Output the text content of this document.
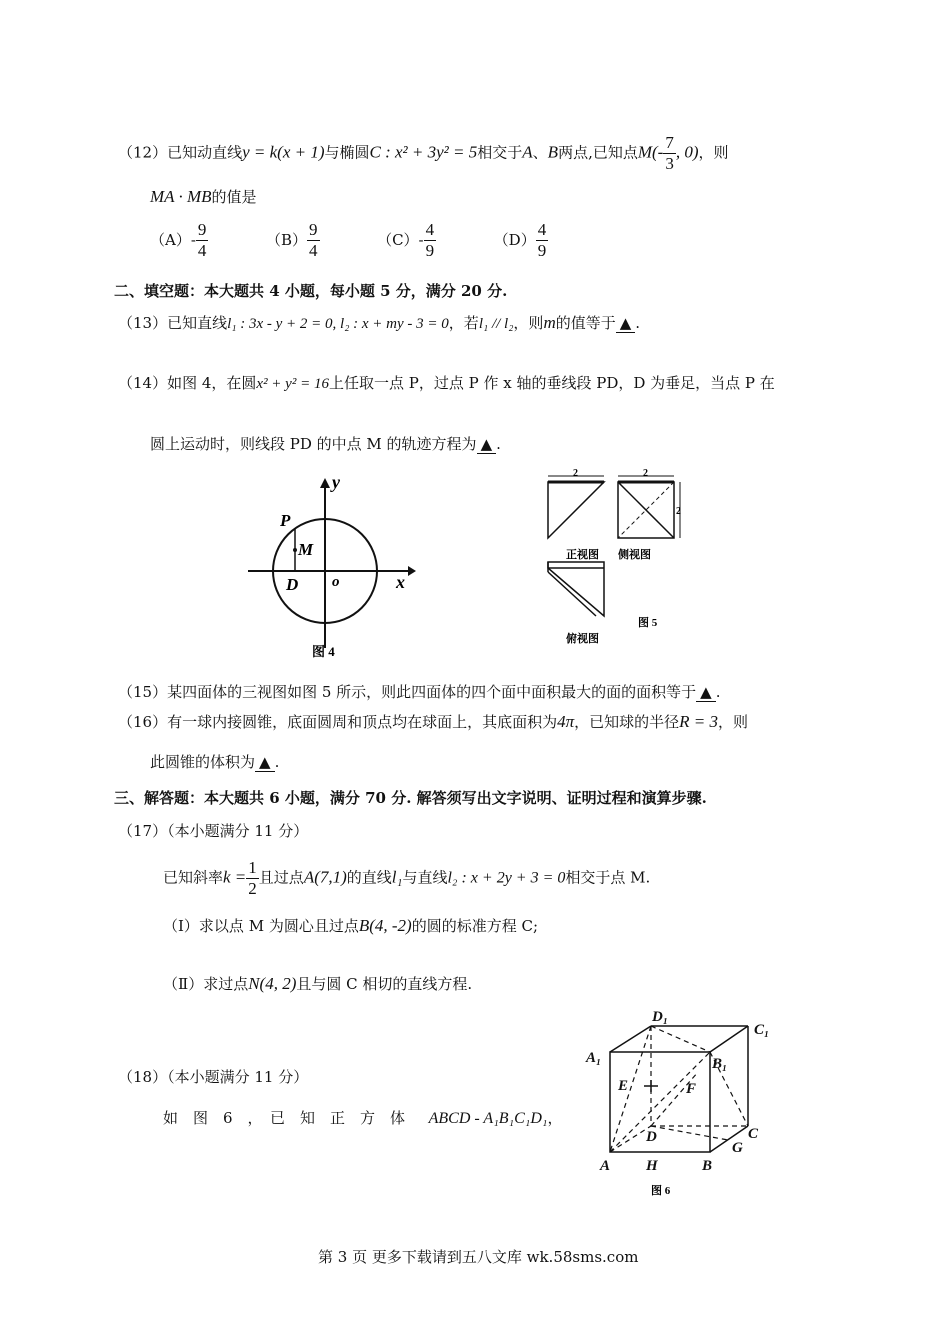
（12）已知动直线y = k(x + 1)与椭圆C : x² + 3y² = 5相交于A、B两点,已知点$M(- \frac{7}{3}$ , 0)，则
MA · MB的值是
$(A)- \frac{9}{4}$	$(B) \frac{9}{4}$	$(C)- \frac{4}{9}$	$(D) \frac{4}{9}$
二、填空题：本大题共 4 小题，每小题 5 分，满分 20 分.
（13）已知直线l₁ : 3x - y + 2 = 0, l₂ : x + my - 3 = 0，若l₁ // l₂，则m的值等于 ▲ .
（14）如图 4，在圆x² + y² = 16上任取一点 P，过点 P 作 x 轴的垂线段 PD，D 为垂足，当点 P 在
圆上运动时，则线段 PD 的中点 M 的轨迹方程为 ▲ .
y
x
P
M
D o
图 4
2
正视图
2
2
侧视图
俯视图
图 5
（15）某四面体的三视图如图 5 所示，则此四面体的四个面中面积最大的面的面积等于 ▲ .
（16）有一球内接圆锥，底面圆周和顶点均在球面上，其底面积为4π，已知球的半径R = 3，则
此圆锥的体积为 ▲ .
三、解答题：本大题共 6 小题，满分 70 分. 解答须写出文字说明、证明过程和演算步骤.
（17）（本小题满分 11 分）
已知斜率$k = \frac{1}{2}$ 且过点A(7,1)的直线l₁与直线l₂ : x + 2y + 3 = 0相交于点 M.
（Ⅰ）求以点 M 为圆心且过点B(4, -2)的圆的标准方程 C;
（Ⅱ）求过点N(4, 2)且与圆 C 相切的直线方程.
（18）（本小题满分 11 分）
如　图　6　，　已　知　正　方　体 ABCD - A₁B₁C₁D₁，
D₁
C₁
A₁	B₁
E	F
D	C
G
A H	B
图 6
第 3 页 更多下载请到五八文库 wk.58sms.com
